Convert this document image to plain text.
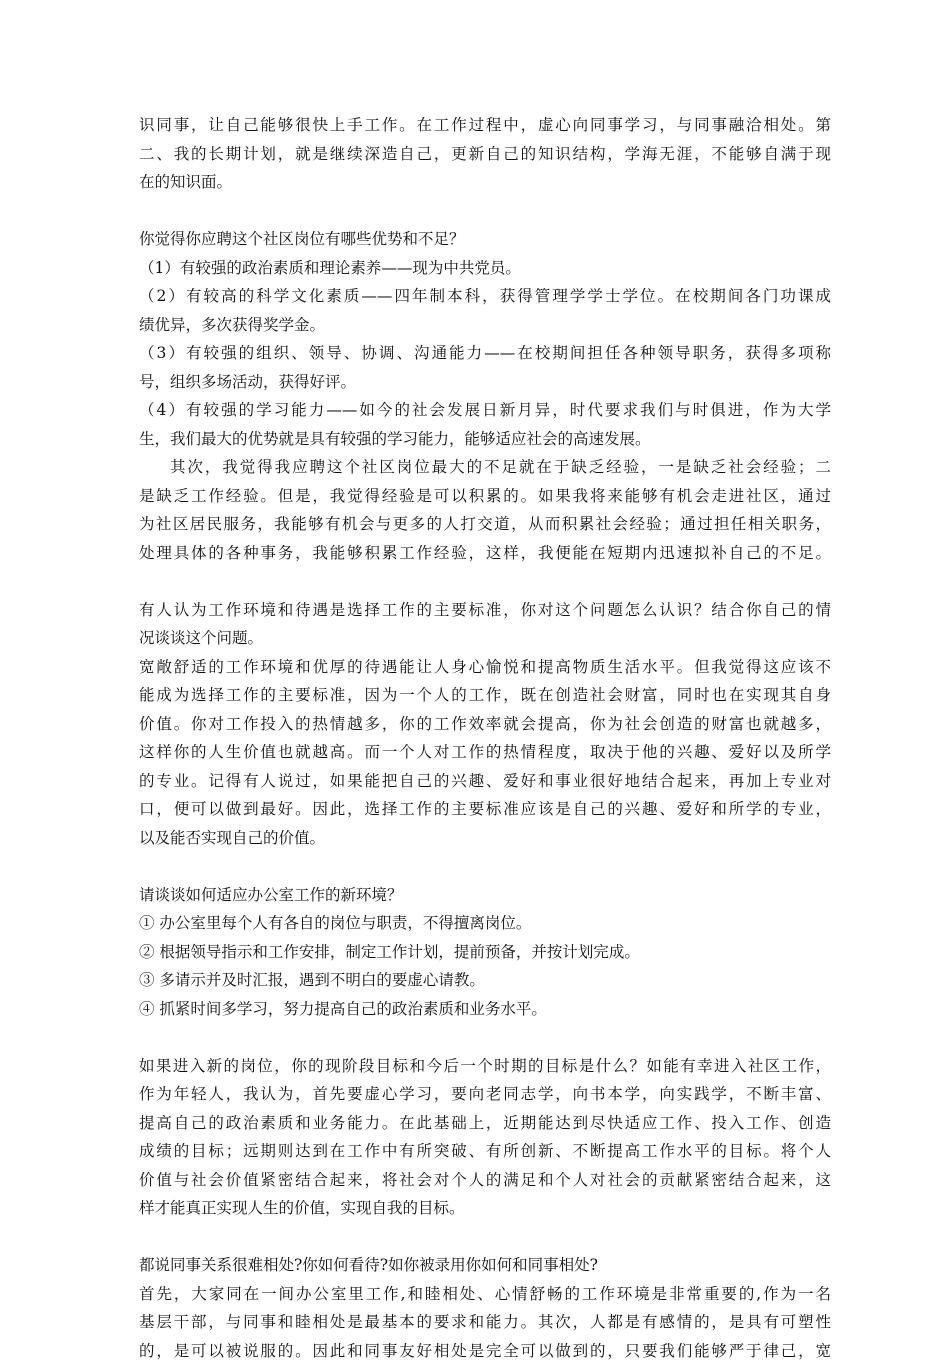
识同事，让自己能够很快上手工作。在工作过程中，虚心向同事学习，与同事融洽相处。第
二、我的长期计划，就是继续深造自己，更新自己的知识结构，学海无涯，不能够自满于现
在的知识面。
你觉得你应聘这个社区岗位有哪些优势和不足？
（1）有较强的政治素质和理论素养——现为中共党员。
（2）有较高的科学文化素质——四年制本科，获得管理学学士学位。在校期间各门功课成
绩优异，多次获得奖学金。
（3）有较强的组织、领导、协调、沟通能力——在校期间担任各种领导职务，获得多项称
号，组织多场活动，获得好评。
（4）有较强的学习能力——如今的社会发展日新月异，时代要求我们与时俱进，作为大学
生，我们最大的优势就是具有较强的学习能力，能够适应社会的高速发展。
其次，我觉得我应聘这个社区岗位最大的不足就在于缺乏经验，一是缺乏社会经验；二
是缺乏工作经验。但是，我觉得经验是可以积累的。如果我将来能够有机会走进社区，通过
为社区居民服务，我能够有机会与更多的人打交道，从而积累社会经验；通过担任相关职务，
处理具体的各种事务，我能够积累工作经验，这样，我便能在短期内迅速拟补自己的不足。
有人认为工作环境和待遇是选择工作的主要标准，你对这个问题怎么认识？结合你自己的情
况谈谈这个问题。
宽敞舒适的工作环境和优厚的待遇能让人身心愉悦和提高物质生活水平。但我觉得这应该不
能成为选择工作的主要标准，因为一个人的工作，既在创造社会财富，同时也在实现其自身
价值。你对工作投入的热情越多，你的工作效率就会提高，你为社会创造的财富也就越多，
这样你的人生价值也就越高。而一个人对工作的热情程度，取决于他的兴趣、爱好以及所学
的专业。记得有人说过，如果能把自己的兴趣、爱好和事业很好地结合起来，再加上专业对
口，便可以做到最好。因此，选择工作的主要标准应该是自己的兴趣、爱好和所学的专业，
以及能否实现自己的价值。
请谈谈如何适应办公室工作的新环境？
① 办公室里每个人有各自的岗位与职责，不得擅离岗位。
② 根据领导指示和工作安排，制定工作计划，提前预备，并按计划完成。
③ 多请示并及时汇报，遇到不明白的要虚心请教。
④ 抓紧时间多学习，努力提高自己的政治素质和业务水平。
如果进入新的岗位，你的现阶段目标和今后一个时期的目标是什么？如能有幸进入社区工作，
作为年轻人，我认为，首先要虚心学习，要向老同志学，向书本学，向实践学，不断丰富、
提高自己的政治素质和业务能力。在此基础上，近期能达到尽快适应工作、投入工作、创造
成绩的目标；远期则达到在工作中有所突破、有所创新、不断提高工作水平的目标。将个人
价值与社会价值紧密结合起来，将社会对个人的满足和个人对社会的贡献紧密结合起来，这
样才能真正实现人生的价值，实现自我的目标。
都说同事关系很难相处?你如何看待?如你被录用你如何和同事相处?
首先，大家同在一间办公室里工作,和睦相处、心情舒畅的工作环境是非常重要的,作为一名
基层干部，与同事和睦相处是最基本的要求和能力。其次，人都是有感情的，是具有可塑性
的，是可以被说服的。因此和同事友好相处是完全可以做到的，只要我们能够严于律己，宽
